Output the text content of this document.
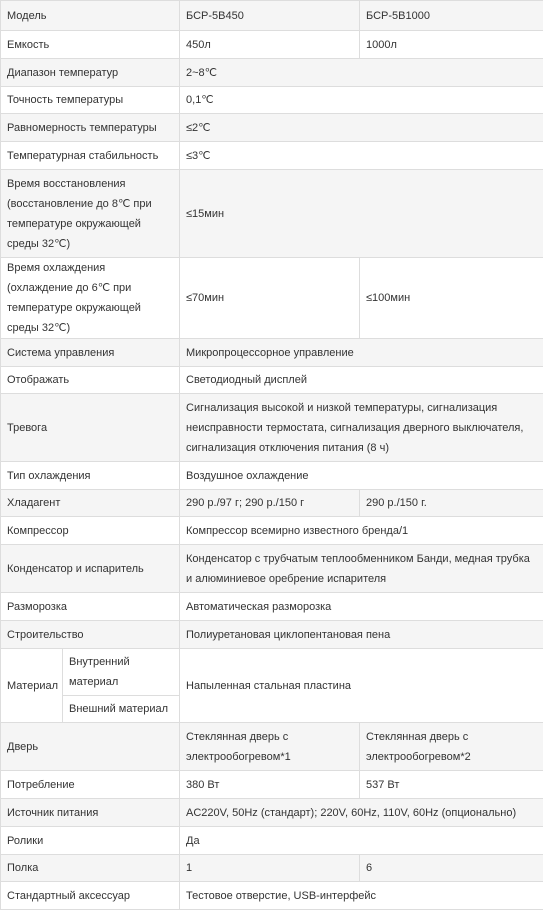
Модель		БСР-5B450	БСР-5B1000
Емкость		450л	1000л
Диапазон температур		2~8℃	
Точность температуры		0,1℃	
Равномерность температуры		≤2℃	
Температурная стабильность		≤3℃	
Время восстановления (восстановление до 8℃ при температуре окружающей среды 32℃)		≤15мин	
Время охлаждения (охлаждение до 6℃ при температуре окружающей среды 32℃)		≤70мин	≤100мин
Система управления		Микропроцессорное управление	
Отображать		Светодиодный дисплей	
Тревога		Сигнализация высокой и низкой температуры, сигнализация неисправности термостата, сигнализация дверного выключателя, сигнализация отключения питания (8 ч)	
Тип охлаждения		Воздушное охлаждение	
Хладагент		290 р./97 г; 290 р./150 г	290 р./150 г.
Компрессор		Компрессор всемирно известного бренда/1	
Конденсатор и испаритель		Конденсатор с трубчатым теплообменником Банди, медная трубка и алюминиевое оребрение испарителя	
Разморозка		Автоматическая разморозка	
Строительство		Полиуретановая циклопентановая пена	
Материал	Внутренний материал	Напыленная стальная пластина	
	Внешний материал		
Дверь		Стеклянная дверь с электрообогревом*1	Стеклянная дверь с электрообогревом*2
Потребление		380 Вт	537 Вт
Источник питания		AC220V, 50Hz (стандарт); 220V, 60Hz, 110V, 60Hz (опционально)	
Ролики		Да	
Полка		1	6
Стандартный аксессуар		Тестовое отверстие, USB-интерфейс	
